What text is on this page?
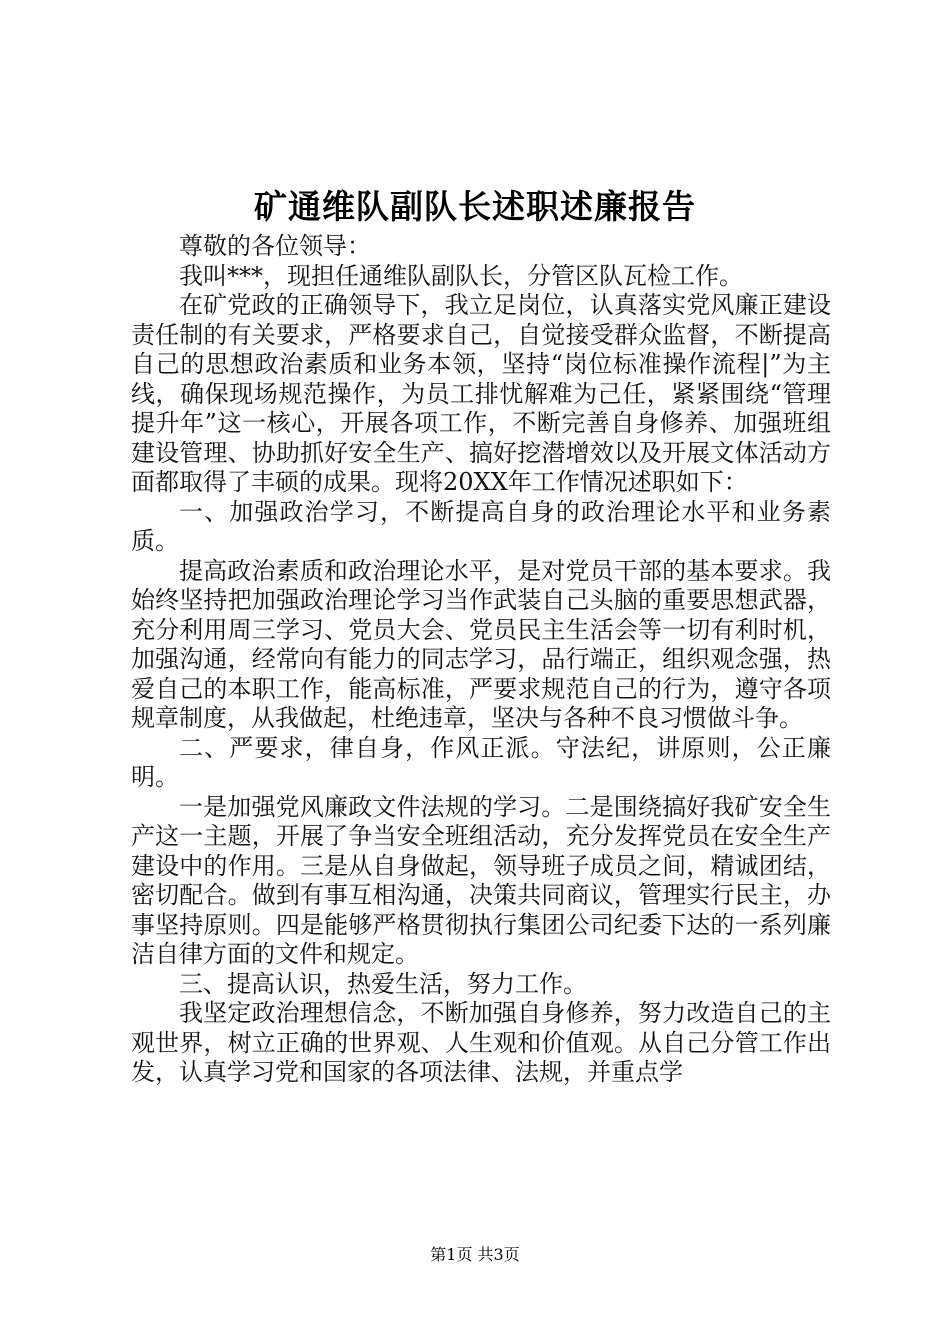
矿通维队副队长述职述廉报告

尊敬的各位领导：

我叫***，现担任通维队副队长，分管区队瓦检工作。

在矿党政的正确领导下，我立足岗位，认真落实党风廉正建设责任制的有关要求，严格要求自己，自觉接受群众监督，不断提高自己的思想政治素质和业务本领，坚持“岗位标准操作流程|”为主线，确保现场规范操作，为员工排忧解难为己任，紧紧围绕“管理提升年”这一核心，开展各项工作，不断完善自身修养、加强班组建设管理、协助抓好安全生产、搞好挖潜增效以及开展文体活动方面都取得了丰硕的成果。现将20XX年工作情况述职如下：

一、加强政治学习，不断提高自身的政治理论水平和业务素质。

提高政治素质和政治理论水平，是对党员干部的基本要求。我始终坚持把加强政治理论学习当作武装自己头脑的重要思想武器，充分利用周三学习、党员大会、党员民主生活会等一切有利时机，加强沟通，经常向有能力的同志学习，品行端正，组织观念强，热爱自己的本职工作，能高标准，严要求规范自己的行为，遵守各项规章制度，从我做起，杜绝违章，坚决与各种不良习惯做斗争。

二、严要求，律自身，作风正派。守法纪，讲原则，公正廉明。

一是加强党风廉政文件法规的学习。二是围绕搞好我矿安全生产这一主题，开展了争当安全班组活动，充分发挥党员在安全生产建设中的作用。三是从自身做起，领导班子成员之间，精诚团结，密切配合。做到有事互相沟通，决策共同商议，管理实行民主，办事坚持原则。四是能够严格贯彻执行集团公司纪委下达的一系列廉洁自律方面的文件和规定。

三、提高认识，热爱生活，努力工作。

我坚定政治理想信念，不断加强自身修养，努力改造自己的主观世界，树立正确的世界观、人生观和价值观。从自己分管工作出发，认真学习党和国家的各项法律、法规，并重点学

第1页 共3页
